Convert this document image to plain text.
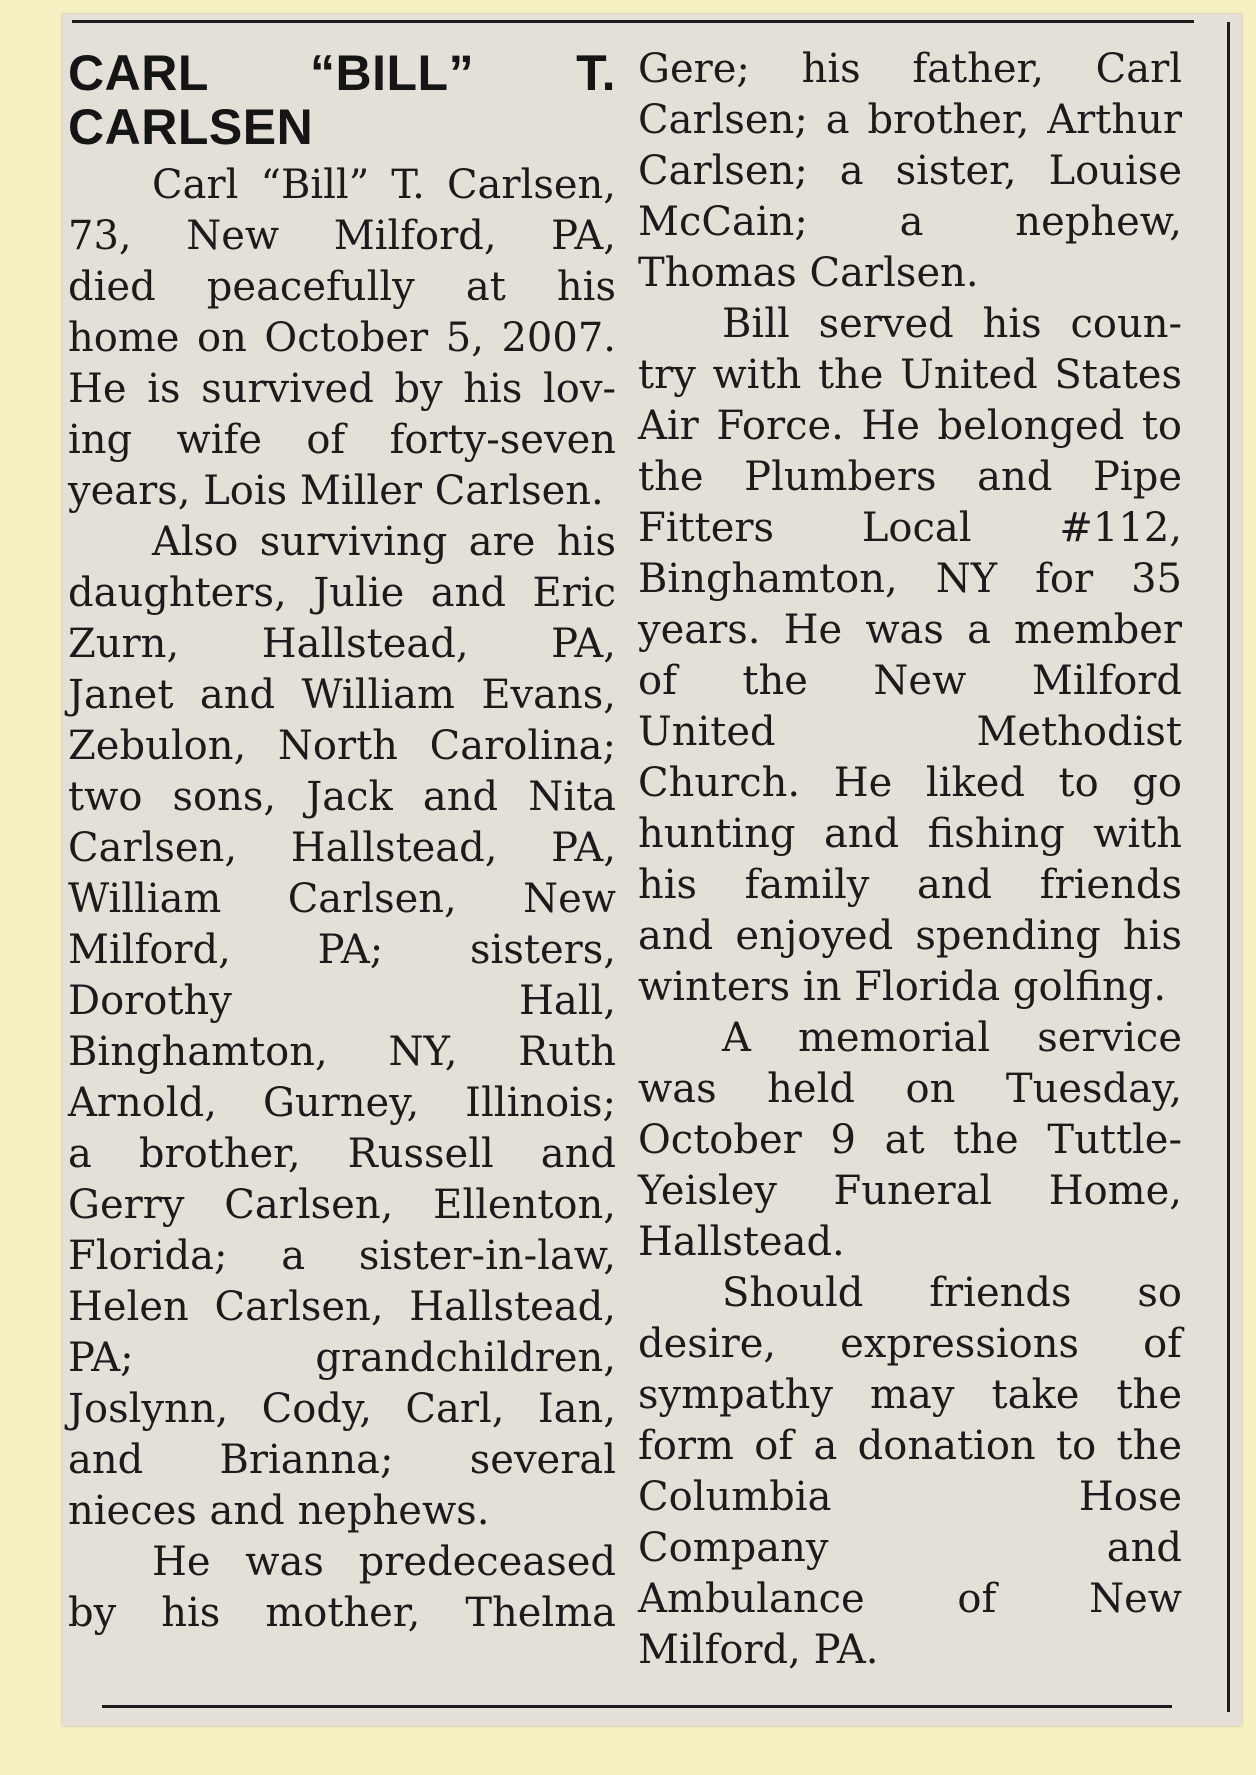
CARL “BILL” T.
CARLSEN
Carl “Bill” T. Carlsen,
73, New Milford, PA,
died peacefully at his
home on October 5, 2007.
He is survived by his lov-
ing wife of forty-seven
years, Lois Miller Carlsen.
Also surviving are his
daughters, Julie and Eric
Zurn, Hallstead, PA,
Janet and William Evans,
Zebulon, North Carolina;
two sons, Jack and Nita
Carlsen, Hallstead, PA,
William Carlsen, New
Milford, PA; sisters,
Dorothy Hall,
Binghamton, NY, Ruth
Arnold, Gurney, Illinois;
a brother, Russell and
Gerry Carlsen, Ellenton,
Florida; a sister-in-law,
Helen Carlsen, Hallstead,
PA; grandchildren,
Joslynn, Cody, Carl, Ian,
and Brianna; several
nieces and nephews.
He was predeceased
by his mother, Thelma
Gere; his father, Carl
Carlsen; a brother, Arthur
Carlsen; a sister, Louise
McCain; a nephew,
Thomas Carlsen.
Bill served his coun-
try with the United States
Air Force. He belonged to
the Plumbers and Pipe
Fitters Local #112,
Binghamton, NY for 35
years. He was a member
of the New Milford
United Methodist
Church. He liked to go
hunting and fishing with
his family and friends
and enjoyed spending his
winters in Florida golfing.
A memorial service
was held on Tuesday,
October 9 at the Tuttle-
Yeisley Funeral Home,
Hallstead.
Should friends so
desire, expressions of
sympathy may take the
form of a donation to the
Columbia Hose
Company and
Ambulance of New
Milford, PA.
